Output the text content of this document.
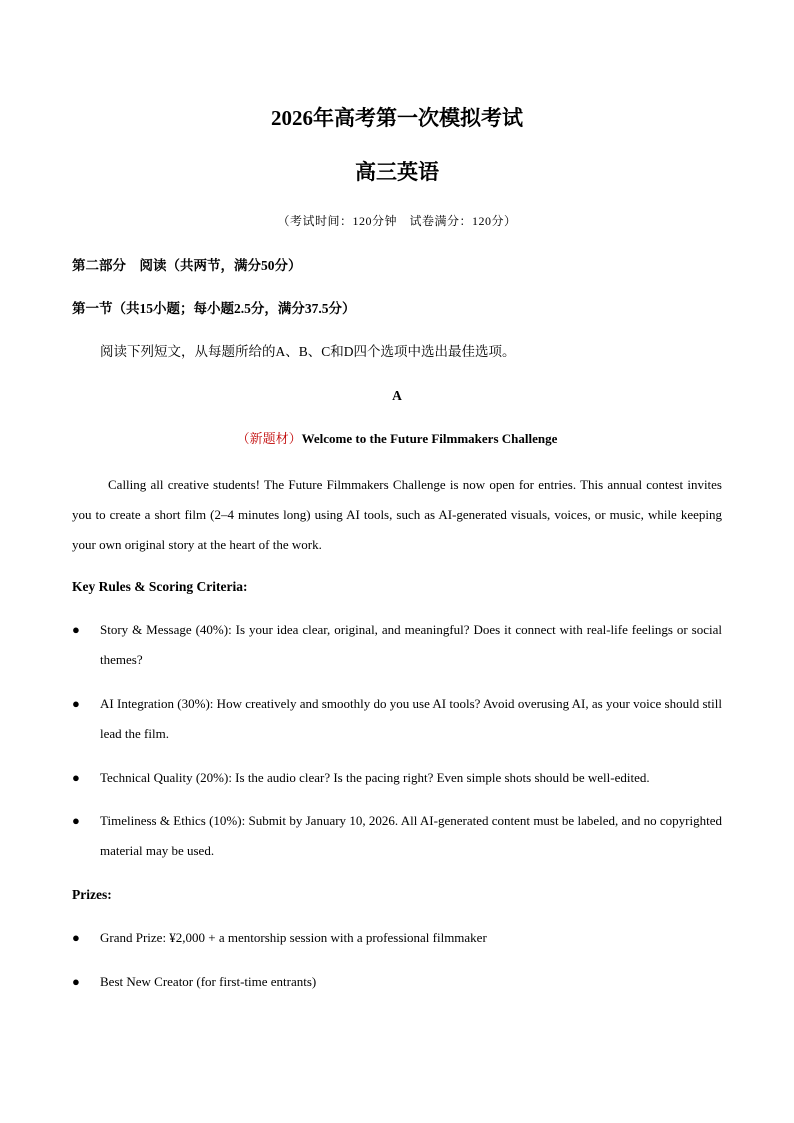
2026年高考第一次模拟考试
高三英语
（考试时间：120分钟　试卷满分：120分）
第二部分　阅读（共两节，满分50分）
第一节（共15小题；每小题2.5分，满分37.5分）
阅读下列短文，从每题所给的A、B、C和D四个选项中选出最佳选项。
A
（新题材）Welcome to the Future Filmmakers Challenge
Calling all creative students! The Future Filmmakers Challenge is now open for entries. This annual contest invites you to create a short film (2–4 minutes long) using AI tools, such as AI-generated visuals, voices, or music, while keeping your own original story at the heart of the work.
Key Rules & Scoring Criteria:
●	Story & Message (40%): Is your idea clear, original, and meaningful? Does it connect with real-life feelings or social themes?
●	AI Integration (30%): How creatively and smoothly do you use AI tools? Avoid overusing AI, as your voice should still lead the film.
●	Technical Quality (20%): Is the audio clear? Is the pacing right? Even simple shots should be well-edited.
●	Timeliness & Ethics (10%): Submit by January 10, 2026. All AI-generated content must be labeled, and no copyrighted material may be used.
Prizes:
●	Grand Prize: ¥2,000 + a mentorship session with a professional filmmaker
●	Best New Creator (for first-time entrants)
